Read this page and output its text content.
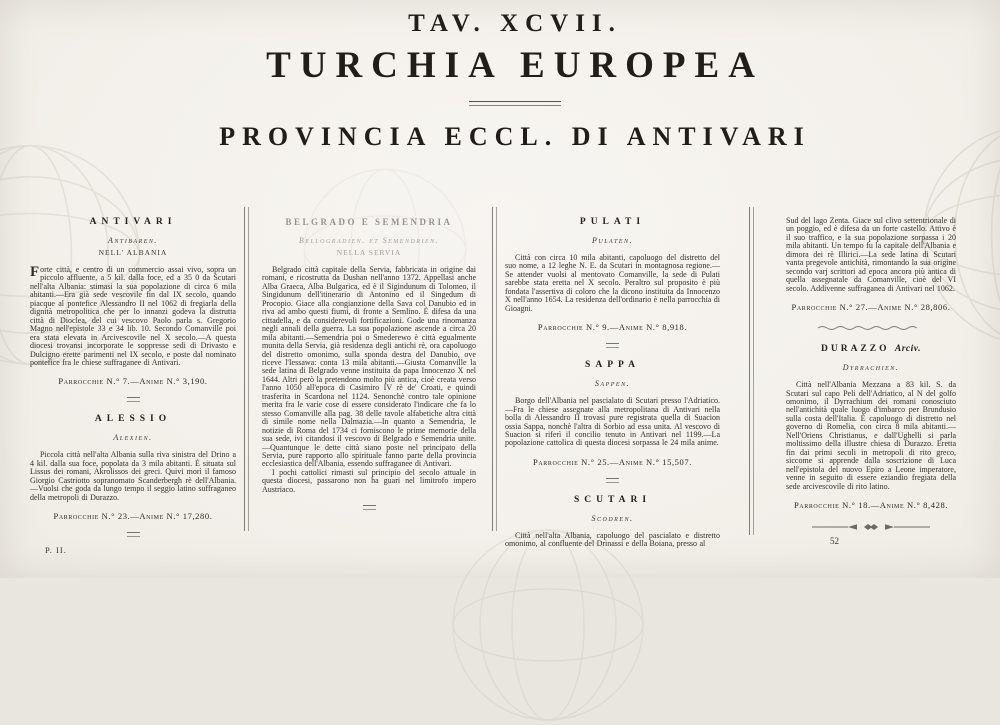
TAV. XCVII.
TURCHIA EUROPEA
PROVINCIA ECCL. DI ANTIVARI
ANTIVARI
Antibaren.
NELL' ALBANIA

Forte città, e centro di un commercio assai vivo, sopra un piccolo affluente, a 5 kil. dalla foce, ed a 35 0 da Scutari nell'alta Albania: stimasi la sua popolazione di circa 6 mila abitanti.—Era già sede vescovile fin dal IX secolo, quando piacque al pontefice Alessandro II nel 1062 di fregiarla della dignità metropolitica che per lo innanzi godeva la distrutta città di Dioclea, del cui vescovo Paolo parla s. Gregorio Magno nell'epistole 33 e 34 lib. 10. Secondo Comanville poi era stata elevata in Arcivescovile nel X secolo.—A questa diocesi trovansi incorporate le soppresse sedi di Drivasto e Dulcigno erette parimenti nel IX secolo, e poste dal nominato pontefice fra le chiese suffraganee di Antivari.

Parrocchie N.° 7.—Anime N.° 3,190.
ALESSIO
Alexien.

Piccola città nell'alta Albania sulla riva sinistra del Drino a 4 kil. dalla sua foce, popolata da 3 mila abitanti. È situata sul Lissus dei romani, Akrolissos dei greci. Quivi morì il famoso Giorgio Castriotto sopranomato Scanderbergh rè dell'Albania.—Vuolsi che goda da lungo tempo il seggio latino suffraganeo della metropoli di Durazzo.

Parrocchie N.° 23.—Anime N.° 17,280.
BELGRADO E SEMENDRIA
Bellogradien. et Semendrien.
NELLA SERVIA

Belgrado città capitale della Servia, fabbricata in origine dai romani, e ricostrutta da Dushan nell'anno 1372. Appellasi anche Alba Graeca, Alba Bulgarica, ed è il Sigindunum di Tolomeo, il Singidunum dell'itinerario di Antonino ed il Singedum di Procopio. Giace alla congianzione della Sava col Danubio ed in riva ad ambo questi fiumi, di fronte a Semlino. È difesa da una cittadella, e da considerevoli fortificazioni. Gode una rinomanza negli annali della guerra. La sua popolazione ascende a circa 20 mila abitanti.—Semendria poi o Smederewo è città egualmente munita della Servia, già residenza degli antichi rè, ora capoluogo del distretto omonimo, sulla sponda destra del Danubio, ove riceve l'Iessawa: conta 13 mila abitanti.—Giusta Comanville la sede latina di Belgrado venne instituita da papa Innocenzo X nel 1644. Altri però la pretendono molto più antica, cioè creata verso l'anno 1050 all'epoca di Casimiro IV rè de' Croati, e quindi trasferita in Scardona nel 1124. Senonchè contro tale opinione merita fra le varie cose di essere considerato l'indicare che fa lo stesso Comanville alla pag. 38 delle tavole alfabetiche altra città di simile nome nella Dalmazia.—In quanto a Semendria, le notizie di Roma del 1734 ci forniscono le prime memorie della sua sede, ivi citandosi il vescovo di Belgrado e Semendria unite.—Quantunque le dette città siano poste nel principato della Servia, pure rapporto allo spirituale fanno parte della provincia ecclesiastica dell'Albania, essendo suffraganee di Antivari.

I pochi cattolici rimasti sul principio del secolo attuale in questa diocesi, passarono non ha guari nel limitrofo impero Austriaco.

PULATI
Pulaten.

Città con circa 10 mila abitanti, capoluogo del distretto del suo nome, a 12 leghe N. E. da Scutari in montagnosa regione.—Se attender vuolsi al mentovato Comanville, la sede di Pulati sarebbe stata eretta nel X secolo. Peraltro sul proposito è più fondata l'assertiva di coloro che la dicono instituita da Innocenzo X nell'anno 1654. La residenza dell'ordinario è nella parrocchia di Gioagni.

Parrocchie N.° 9.—Anime N.° 8,918.
SAPPA
Sappen.

Borgo dell'Albania nel pascialato di Scutari presso l'Adriatico.—Fra le chiese assegnate alla metropolitana di Antivari nella bolla di Alessandro II trovasi pure registrata quella di Suacion ossia Sappa, nonchè l'altra di Sorbio ad essa unita. Al vescovo di Suacion si riferì il concilio tenuto in Antivari nel 1199.—La popolazione cattolica di questa diocesi sorpassa le 24 mila anime.

Parrocchie N.° 25.—Anime N.° 15,507.
SCUTARI
Scodren.

Città nell'alta Albania, capoluogo del pascialato e distretto omonimo, al confluente del Drinassi e della Boiana, presso al

Sud del lago Zenta. Giace sul clivo settentrionale di un poggio, ed è difesa da un forte castello. Attivo è il suo traffico, e la sua popolazione sorpassa i 20 mila abitanti. Un tempo fu la capitale dell'Albania e dimora dei rè Illirici.—La sede latina di Scutari vanta pregevole antichità, rimontando la sua origine secondo varj scrittori ad epoca ancora più antica di quella assegnatale da Comanville, cioè del VI secolo. Addivenne suffraganea di Antivari nel 1062.

Parrocchie N.° 27.—Anime N.° 28,806.
DURAZZO Arciv.
Dyrrachien.

Città nell'Albania Mezzana a 83 kil. S. da Scutari sul capo Peli dell'Adriatico, al N del golfo omonimo, il Dyrrachium dei romani conosciuto nell'antichità quale luogo d'imbarco per Brundusio sulla costa dell'Italia. È capoluogo di distretto nel governo di Romelia, con circa 8 mila abitanti.—Nell'Oriens Christianus, e dall'Ughelli si parla moltissimo della illustre chiesa di Durazzo. Eretta fin dai primi secoli in metropoli di rito greco, siccome si apprende dalla soscrizione di Luca nell'epistola del nuovo Epiro a Leone imperatore, venne in seguito di essere eziandio fregiata della sede arcivescovile di rito latino.

Parrocchie N.° 18.—Anime N.° 8,428.
P. II.
52
